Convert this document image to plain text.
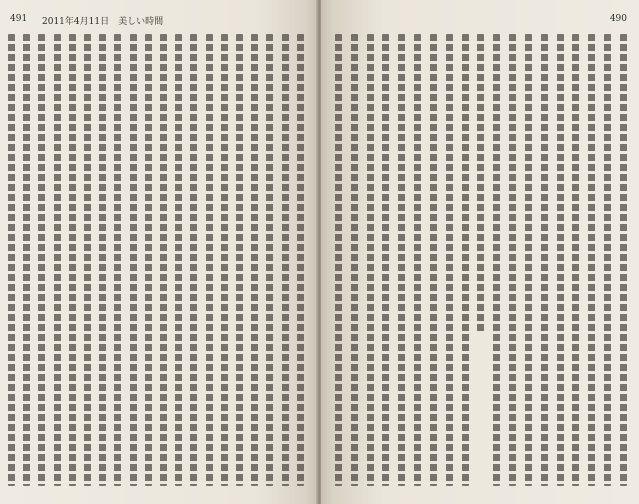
491 2011年4月11日　美しい時間	490
